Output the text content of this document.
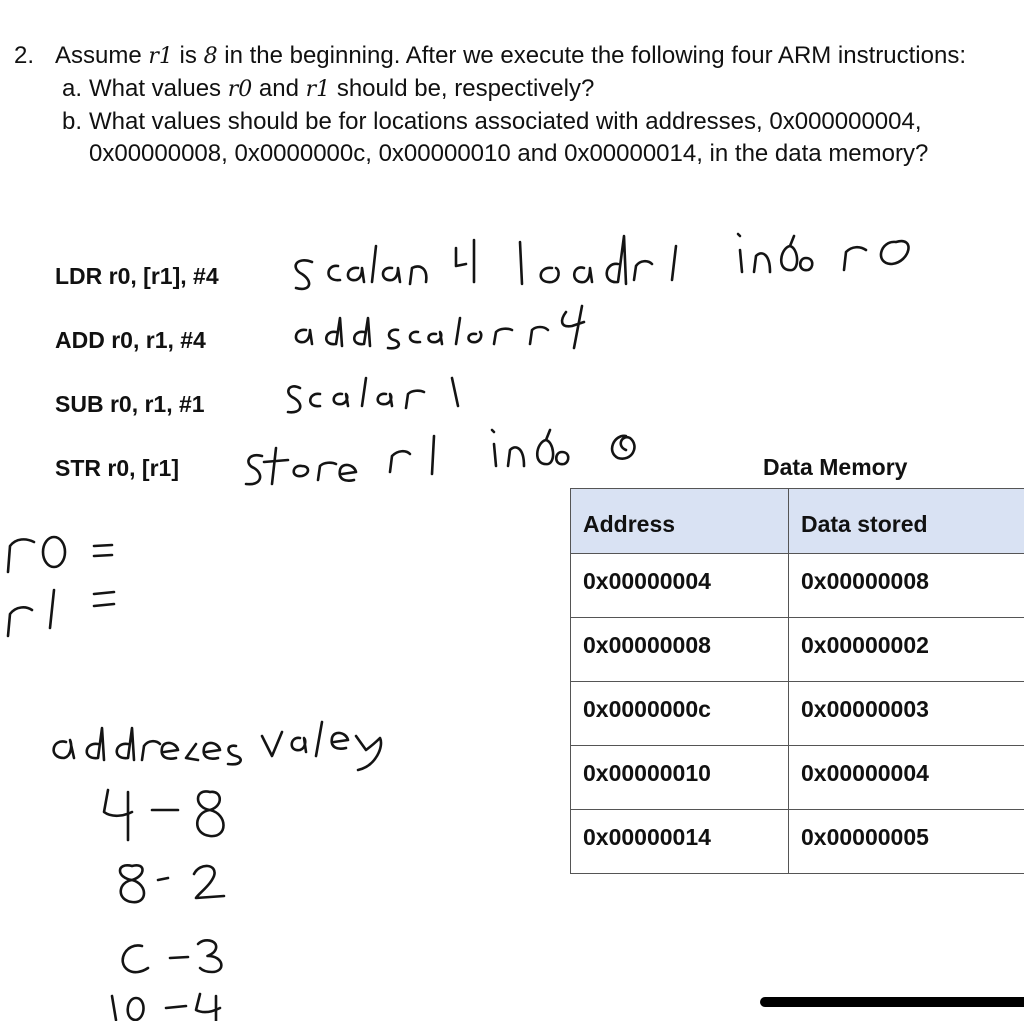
2. Assume r1 is 8 in the beginning. After we execute the following four ARM instructions:
a. What values r0 and r1 should be, respectively?
b. What values should be for locations associated with addresses, 0x000000004, 0x00000008, 0x0000000c, 0x00000010 and 0x00000014, in the data memory?
LDR r0, [r1], #4
ADD r0, r1, #4
SUB r0, r1, #1
STR r0, [r1]	Data Memory
Address	Data stored
0x00000004	0x00000008
0x00000008	0x00000002
0x0000000c	0x00000003
0x00000010	0x00000004
0x00000014	0x00000005
